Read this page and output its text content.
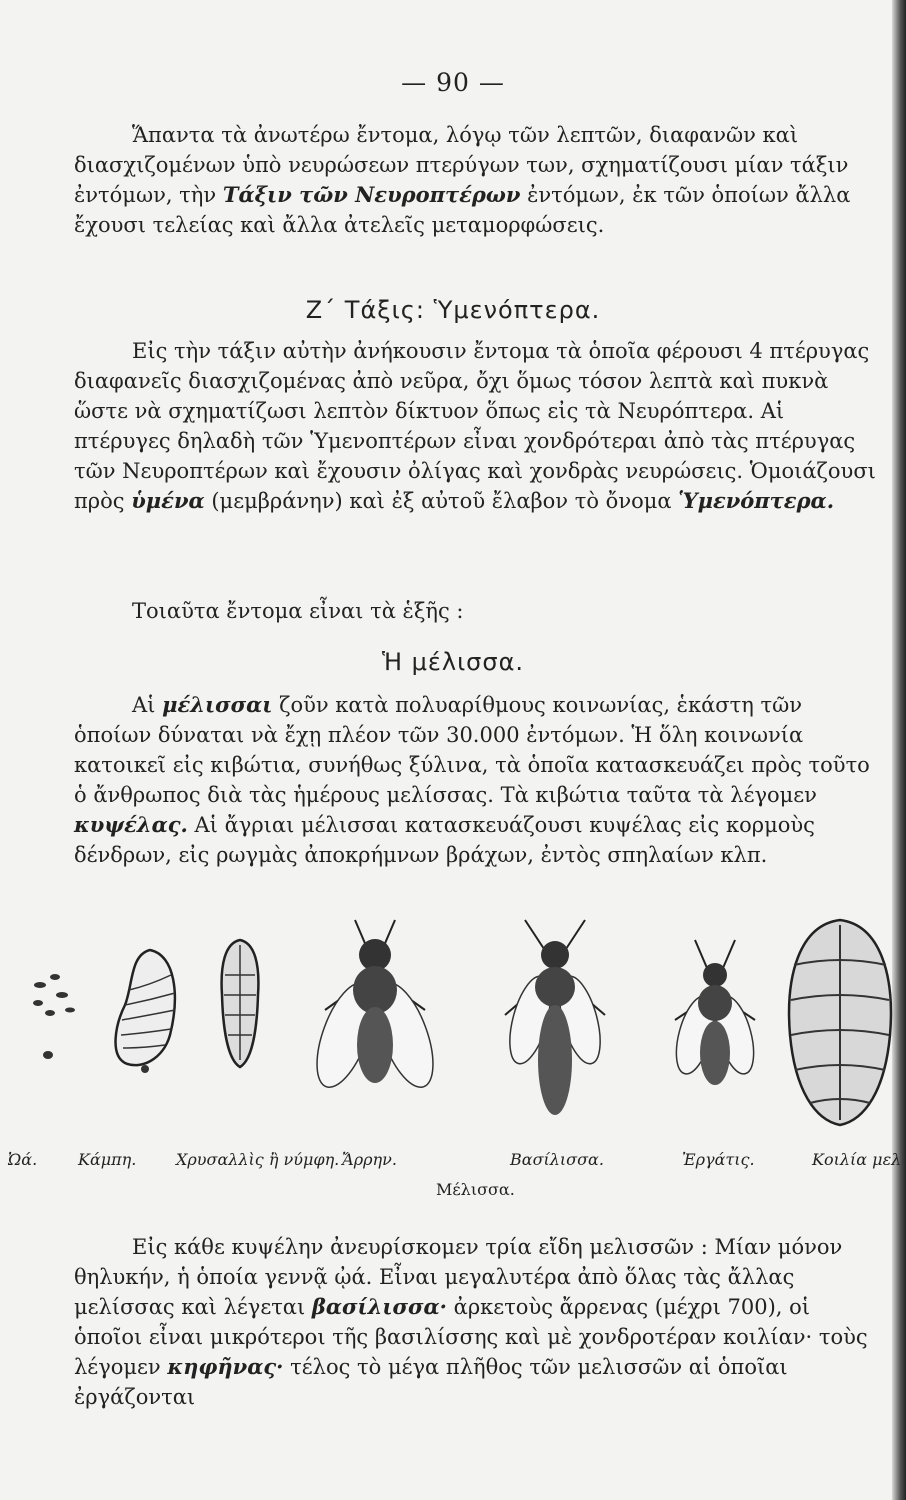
— 90 —

Ἅπαντα τὰ ἀνωτέρω ἔντομα, λόγῳ τῶν λεπτῶν, διαφανῶν καὶ διασχιζομένων ὑπὸ νευρώσεων πτερύγων των, σχηματίζουσι μίαν τάξιν ἐντόμων, τὴν Τάξιν τῶν Νευροπτέρων ἐντόμων, ἐκ τῶν ὁποίων ἄλλα ἔχουσι τελείας καὶ ἄλλα ἀτελεῖς μεταμορφώσεις.

Ζ΄ Τάξις: Ὑμενόπτερα.

Εἰς τὴν τάξιν αὐτὴν ἀνήκουσιν ἔντομα τὰ ὁποῖα φέρουσι 4 πτέρυγας διαφανεῖς διασχιζομένας ἀπὸ νεῦρα, ὄχι ὅμως τόσον λεπτὰ καὶ πυκνὰ ὥστε νὰ σχηματίζωσι λεπτὸν δίκτυον ὅπως εἰς τὰ Νευρόπτερα. Αἱ πτέρυγες δηλαδὴ τῶν Ὑμενοπτέρων εἶναι χονδρότεραι ἀπὸ τὰς πτέρυγας τῶν Νευροπτέρων καὶ ἔχουσιν ὀλίγας καὶ χονδρὰς νευρώσεις. Ὁμοιάζουσι πρὸς ὑμένα (μεμβράνην) καὶ ἐξ αὐτοῦ ἔλαβον τὸ ὄνομα Ὑμενόπτερα.

Τοιαῦτα ἔντομα εἶναι τὰ ἑξῆς :

Ἡ μέλισσα.

Αἱ μέλισσαι ζοῦν κατὰ πολυαρίθμους κοινωνίας, ἑκάστη τῶν ὁποίων δύναται νὰ ἔχῃ πλέον τῶν 30.000 ἐντόμων. Ἡ ὅλη κοινωνία κατοικεῖ εἰς κιβώτια, συνήθως ξύλινα, τὰ ὁποῖα κατασκευάζει πρὸς τοῦτο ὁ ἄνθρωπος διὰ τὰς ἡμέρους μελίσσας. Τὰ κιβώτια ταῦτα τὰ λέγομεν κυψέλας. Αἱ ἄγριαι μέλισσαι κατασκευάζουσι κυψέλας εἰς κορμοὺς δένδρων, εἰς ρωγμὰς ἀποκρήμνων βράχων, ἐντὸς σπηλαίων κλπ.

Ὠά.	Κάμπη. Χρυσαλλὶς ἢ νύμφη. Ἄρρην.	Βασίλισσα.	Ἐργάτις.	Κοιλία μελ
Μέλισσα.

Εἰς κάθε κυψέλην ἀνευρίσκομεν τρία εἴδη μελισσῶν : Μίαν μόνον θηλυκήν, ἡ ὁποία γεννᾷ ᾠά. Εἶναι μεγαλυτέρα ἀπὸ ὅλας τὰς ἄλλας μελίσσας καὶ λέγεται βασίλισσα· ἀρκετοὺς ἄρρενας (μέχρι 700), οἱ ὁποῖοι εἶναι μικρότεροι τῆς βασιλίσσης καὶ μὲ χονδροτέραν κοιλίαν· τοὺς λέγομεν κηφῆνας· τέλος τὸ μέγα πλῆθος τῶν μελισσῶν αἱ ὁποῖαι ἐργάζονται
